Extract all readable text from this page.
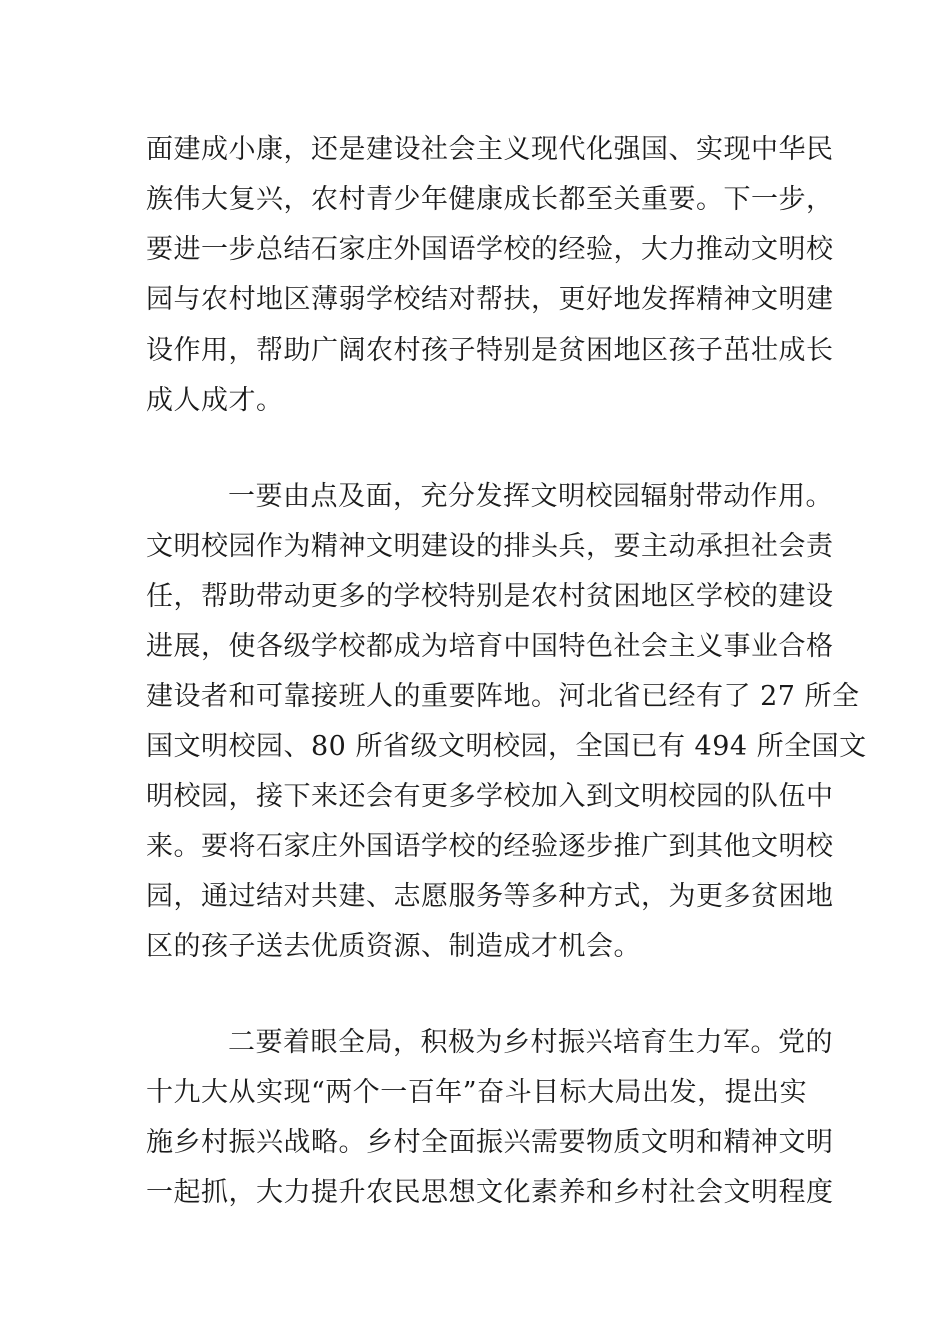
面建成小康，还是建设社会主义现代化强国、实现中华民

族伟大复兴，农村青少年健康成长都至关重要。下一步，

要进一步总结石家庄外国语学校的经验，大力推动文明校

园与农村地区薄弱学校结对帮扶，更好地发挥精神文明建

设作用，帮助广阔农村孩子特别是贫困地区孩子茁壮成长

成人成才。

一要由点及面，充分发挥文明校园辐射带动作用。

文明校园作为精神文明建设的排头兵，要主动承担社会责

任，帮助带动更多的学校特别是农村贫困地区学校的建设

进展，使各级学校都成为培育中国特色社会主义事业合格

建设者和可靠接班人的重要阵地。河北省已经有了 27 所全

国文明校园、80 所省级文明校园，全国已有 494 所全国文

明校园，接下来还会有更多学校加入到文明校园的队伍中

来。要将石家庄外国语学校的经验逐步推广到其他文明校

园，通过结对共建、志愿服务等多种方式，为更多贫困地

区的孩子送去优质资源、制造成才机会。

二要着眼全局，积极为乡村振兴培育生力军。党的

十九大从实现“两个一百年”奋斗目标大局出发，提出实

施乡村振兴战略。乡村全面振兴需要物质文明和精神文明

一起抓，大力提升农民思想文化素养和乡村社会文明程度
